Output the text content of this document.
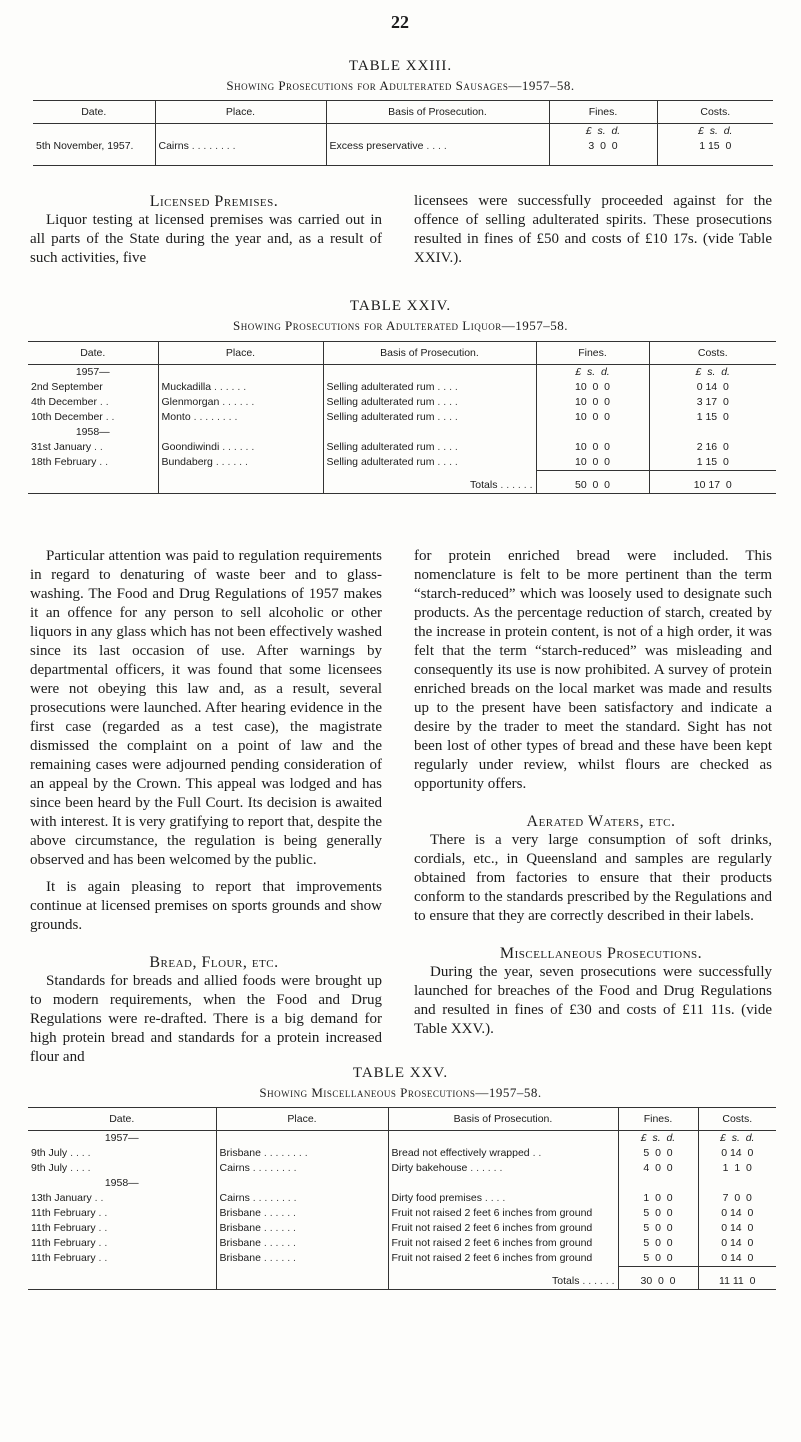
22
TABLE XXIII.
Showing Prosecutions for Adulterated Sausages—1957–58.
Date.	Place.	Basis of Prosecution.	Fines.	Costs.
			£  s.  d.	£  s.  d.
5th November, 1957.	Cairns . . . . . . . .	Excess preservative . . . .	3  0  0	1 15  0

Licensed Premises.

Liquor testing at licensed premises was carried out in all parts of the State during the year and, as a result of such activities, five

licensees were successfully proceeded against for the offence of selling adulterated spirits. These prosecutions resulted in fines of £50 and costs of £10 17s. (vide Table XXIV.).

TABLE XXIV.
Showing Prosecutions for Adulterated Liquor—1957–58.
Date.	Place.	Basis of Prosecution.	Fines.	Costs.
1957—			£  s.  d.	£  s.  d.
2nd September	Muckadilla . . . . . .	Selling adulterated rum . . . .	10  0  0	0 14  0
4th December . .	Glenmorgan . . . . . .	Selling adulterated rum . . . .	10  0  0	3 17  0
10th December . .	Monto . . . . . . . .	Selling adulterated rum . . . .	10  0  0	1 15  0
1958—				
31st January . .	Goondiwindi . . . . . .	Selling adulterated rum . . . .	10  0  0	2 16  0
18th February . .	Bundaberg . . . . . .	Selling adulterated rum . . . .	10  0  0	1 15  0
		Totals . . . . . .	50  0  0	10 17  0

Particular attention was paid to regulation requirements in regard to denaturing of waste beer and to glass-washing. The Food and Drug Regulations of 1957 makes it an offence for any person to sell alcoholic or other liquors in any glass which has not been effectively washed since its last occasion of use. After warnings by departmental officers, it was found that some licensees were not obeying this law and, as a result, several prosecutions were launched. After hearing evidence in the first case (regarded as a test case), the magistrate dismissed the complaint on a point of law and the remaining cases were adjourned pending consideration of an appeal by the Crown. This appeal was lodged and has since been heard by the Full Court. Its decision is awaited with interest. It is very gratifying to report that, despite the above circumstance, the regulation is being generally observed and has been welcomed by the public.

It is again pleasing to report that improvements continue at licensed premises on sports grounds and show grounds.

Bread, Flour, etc.

Standards for breads and allied foods were brought up to modern requirements, when the Food and Drug Regulations were re-drafted. There is a big demand for high protein bread and standards for a protein increased flour and

for protein enriched bread were included. This nomenclature is felt to be more pertinent than the term “starch-reduced” which was loosely used to designate such products. As the percentage reduction of starch, created by the increase in protein content, is not of a high order, it was felt that the term “starch-reduced” was misleading and consequently its use is now prohibited. A survey of protein enriched breads on the local market was made and results up to the present have been satisfactory and indicate a desire by the trader to meet the standard. Sight has not been lost of other types of bread and these have been kept regularly under review, whilst flours are checked as opportunity offers.

Aerated Waters, etc.

There is a very large consumption of soft drinks, cordials, etc., in Queensland and samples are regularly obtained from factories to ensure that their products conform to the standards prescribed by the Regulations and to ensure that they are correctly described in their labels.

Miscellaneous Prosecutions.

During the year, seven prosecutions were successfully launched for breaches of the Food and Drug Regulations and resulted in fines of £30 and costs of £11 11s. (vide Table XXV.).

TABLE XXV.
Showing Miscellaneous Prosecutions—1957–58.
Date.	Place.	Basis of Prosecution.	Fines.	Costs.
1957—			£  s.  d.	£  s.  d.
9th July . . . .	Brisbane . . . . . . . .	Bread not effectively wrapped . .	5  0  0	0 14  0
9th July . . . .	Cairns . . . . . . . .	Dirty bakehouse . . . . . .	4  0  0	1  1  0
1958—				
13th January . .	Cairns . . . . . . . .	Dirty food premises . . . .	1  0  0	7  0  0
11th February . .	Brisbane . . . . . .	Fruit not raised 2 feet 6 inches from ground	5  0  0	0 14  0
11th February . .	Brisbane . . . . . .	Fruit not raised 2 feet 6 inches from ground	5  0  0	0 14  0
11th February . .	Brisbane . . . . . .	Fruit not raised 2 feet 6 inches from ground	5  0  0	0 14  0
11th February . .	Brisbane . . . . . .	Fruit not raised 2 feet 6 inches from ground	5  0  0	0 14  0
		Totals . . . . . .	30  0  0	11 11  0
